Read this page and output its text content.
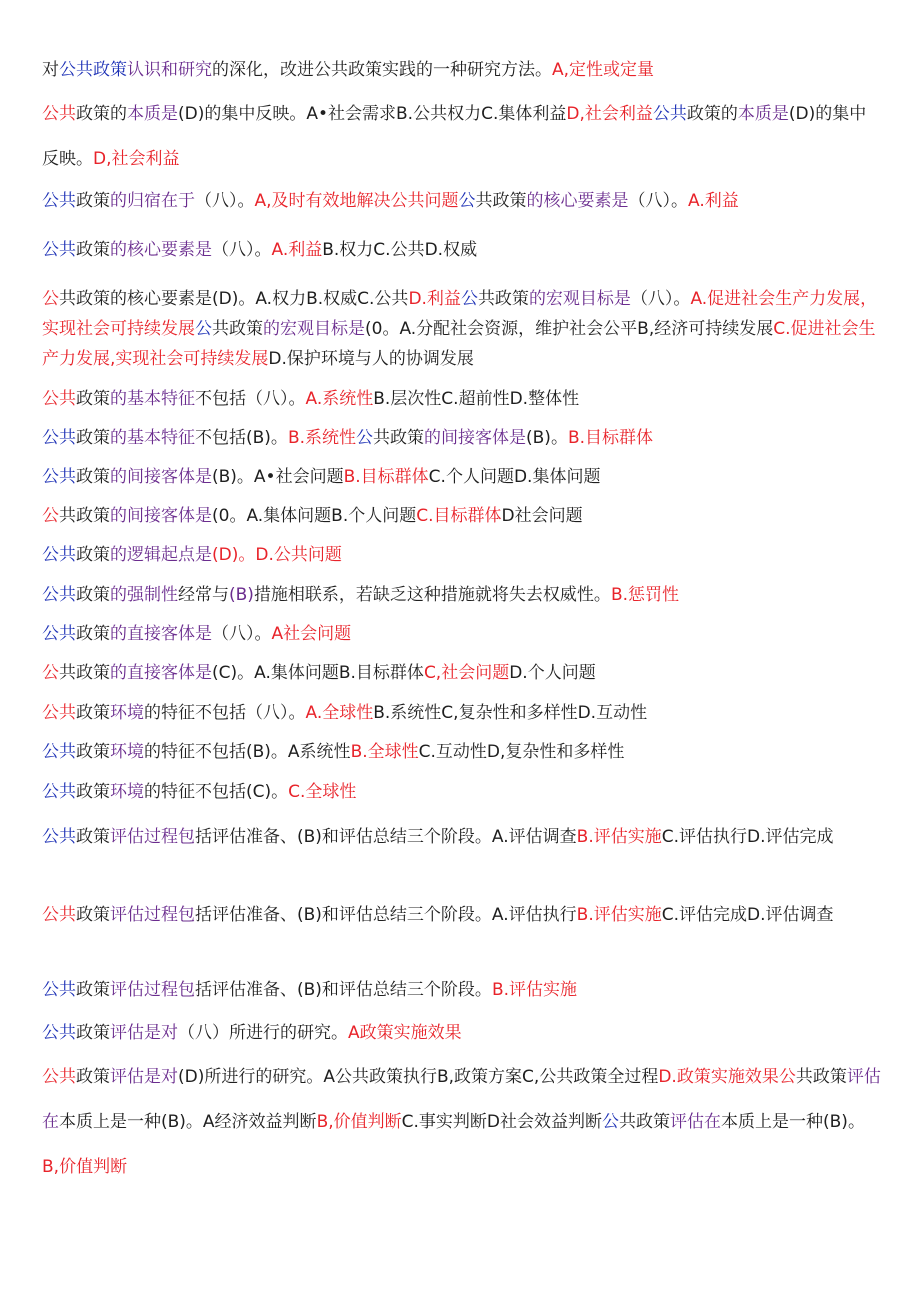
对公共政策认识和研究的深化，改进公共政策实践的一种研究方法。A,定性或定量
公共政策的本质是(D)的集中反映。A•社会需求B.公共权力C.集体利益D,社会利益公共政策的本质是(D)的集中反映。D,社会利益
公共政策的归宿在于（八）。A,及时有效地解决公共问题公共政策的核心要素是（八）。A.利益
公共政策的核心要素是（八）。A.利益B.权力C.公共D.权威
公共政策的核心要素是(D)。A.权力B.权威C.公共D.利益公共政策的宏观目标是（八）。A.促进社会生产力发展，实现社会可持续发展公共政策的宏观目标是(0。A.分配社会资源，维护社会公平B,经济可持续发展C.促进社会生产力发展,实现社会可持续发展D.保护环境与人的协调发展
公共政策的基本特征不包括（八）。A.系统性B.层次性C.超前性D.整体性
公共政策的基本特征不包括(B)。B.系统性公共政策的间接客体是(B)。B.目标群体
公共政策的间接客体是(B)。A•社会问题B.目标群体C.个人问题D.集体问题
公共政策的间接客体是(0。A.集体问题B.个人问题C.目标群体D社会问题
公共政策的逻辑起点是(D)。D.公共问题
公共政策的强制性经常与(B)措施相联系，若缺乏这种措施就将失去权威性。B.惩罚性
公共政策的直接客体是（八）。A社会问题
公共政策的直接客体是(C)。A.集体问题B.目标群体C,社会问题D.个人问题
公共政策环境的特征不包括（八）。A.全球性B.系统性C,复杂性和多样性D.互动性
公共政策环境的特征不包括(B)。A系统性B.全球性C.互动性D,复杂性和多样性
公共政策环境的特征不包括(C)。C.全球性
公共政策评估过程包括评估准备、(B)和评估总结三个阶段。A.评估调查B.评估实施C.评估执行D.评估完成
公共政策评估过程包括评估准备、(B)和评估总结三个阶段。A.评估执行B.评估实施C.评估完成D.评估调查
公共政策评估过程包括评估准备、(B)和评估总结三个阶段。B.评估实施
公共政策评估是对（八）所进行的研究。A政策实施效果
公共政策评估是对(D)所进行的研究。A公共政策执行B,政策方案C,公共政策全过程D.政策实施效果公共政策评估在本质上是一种(B)。A经济效益判断B,价值判断C.事实判断D社会效益判断公共政策评估在本质上是一种(B)。B,价值判断
